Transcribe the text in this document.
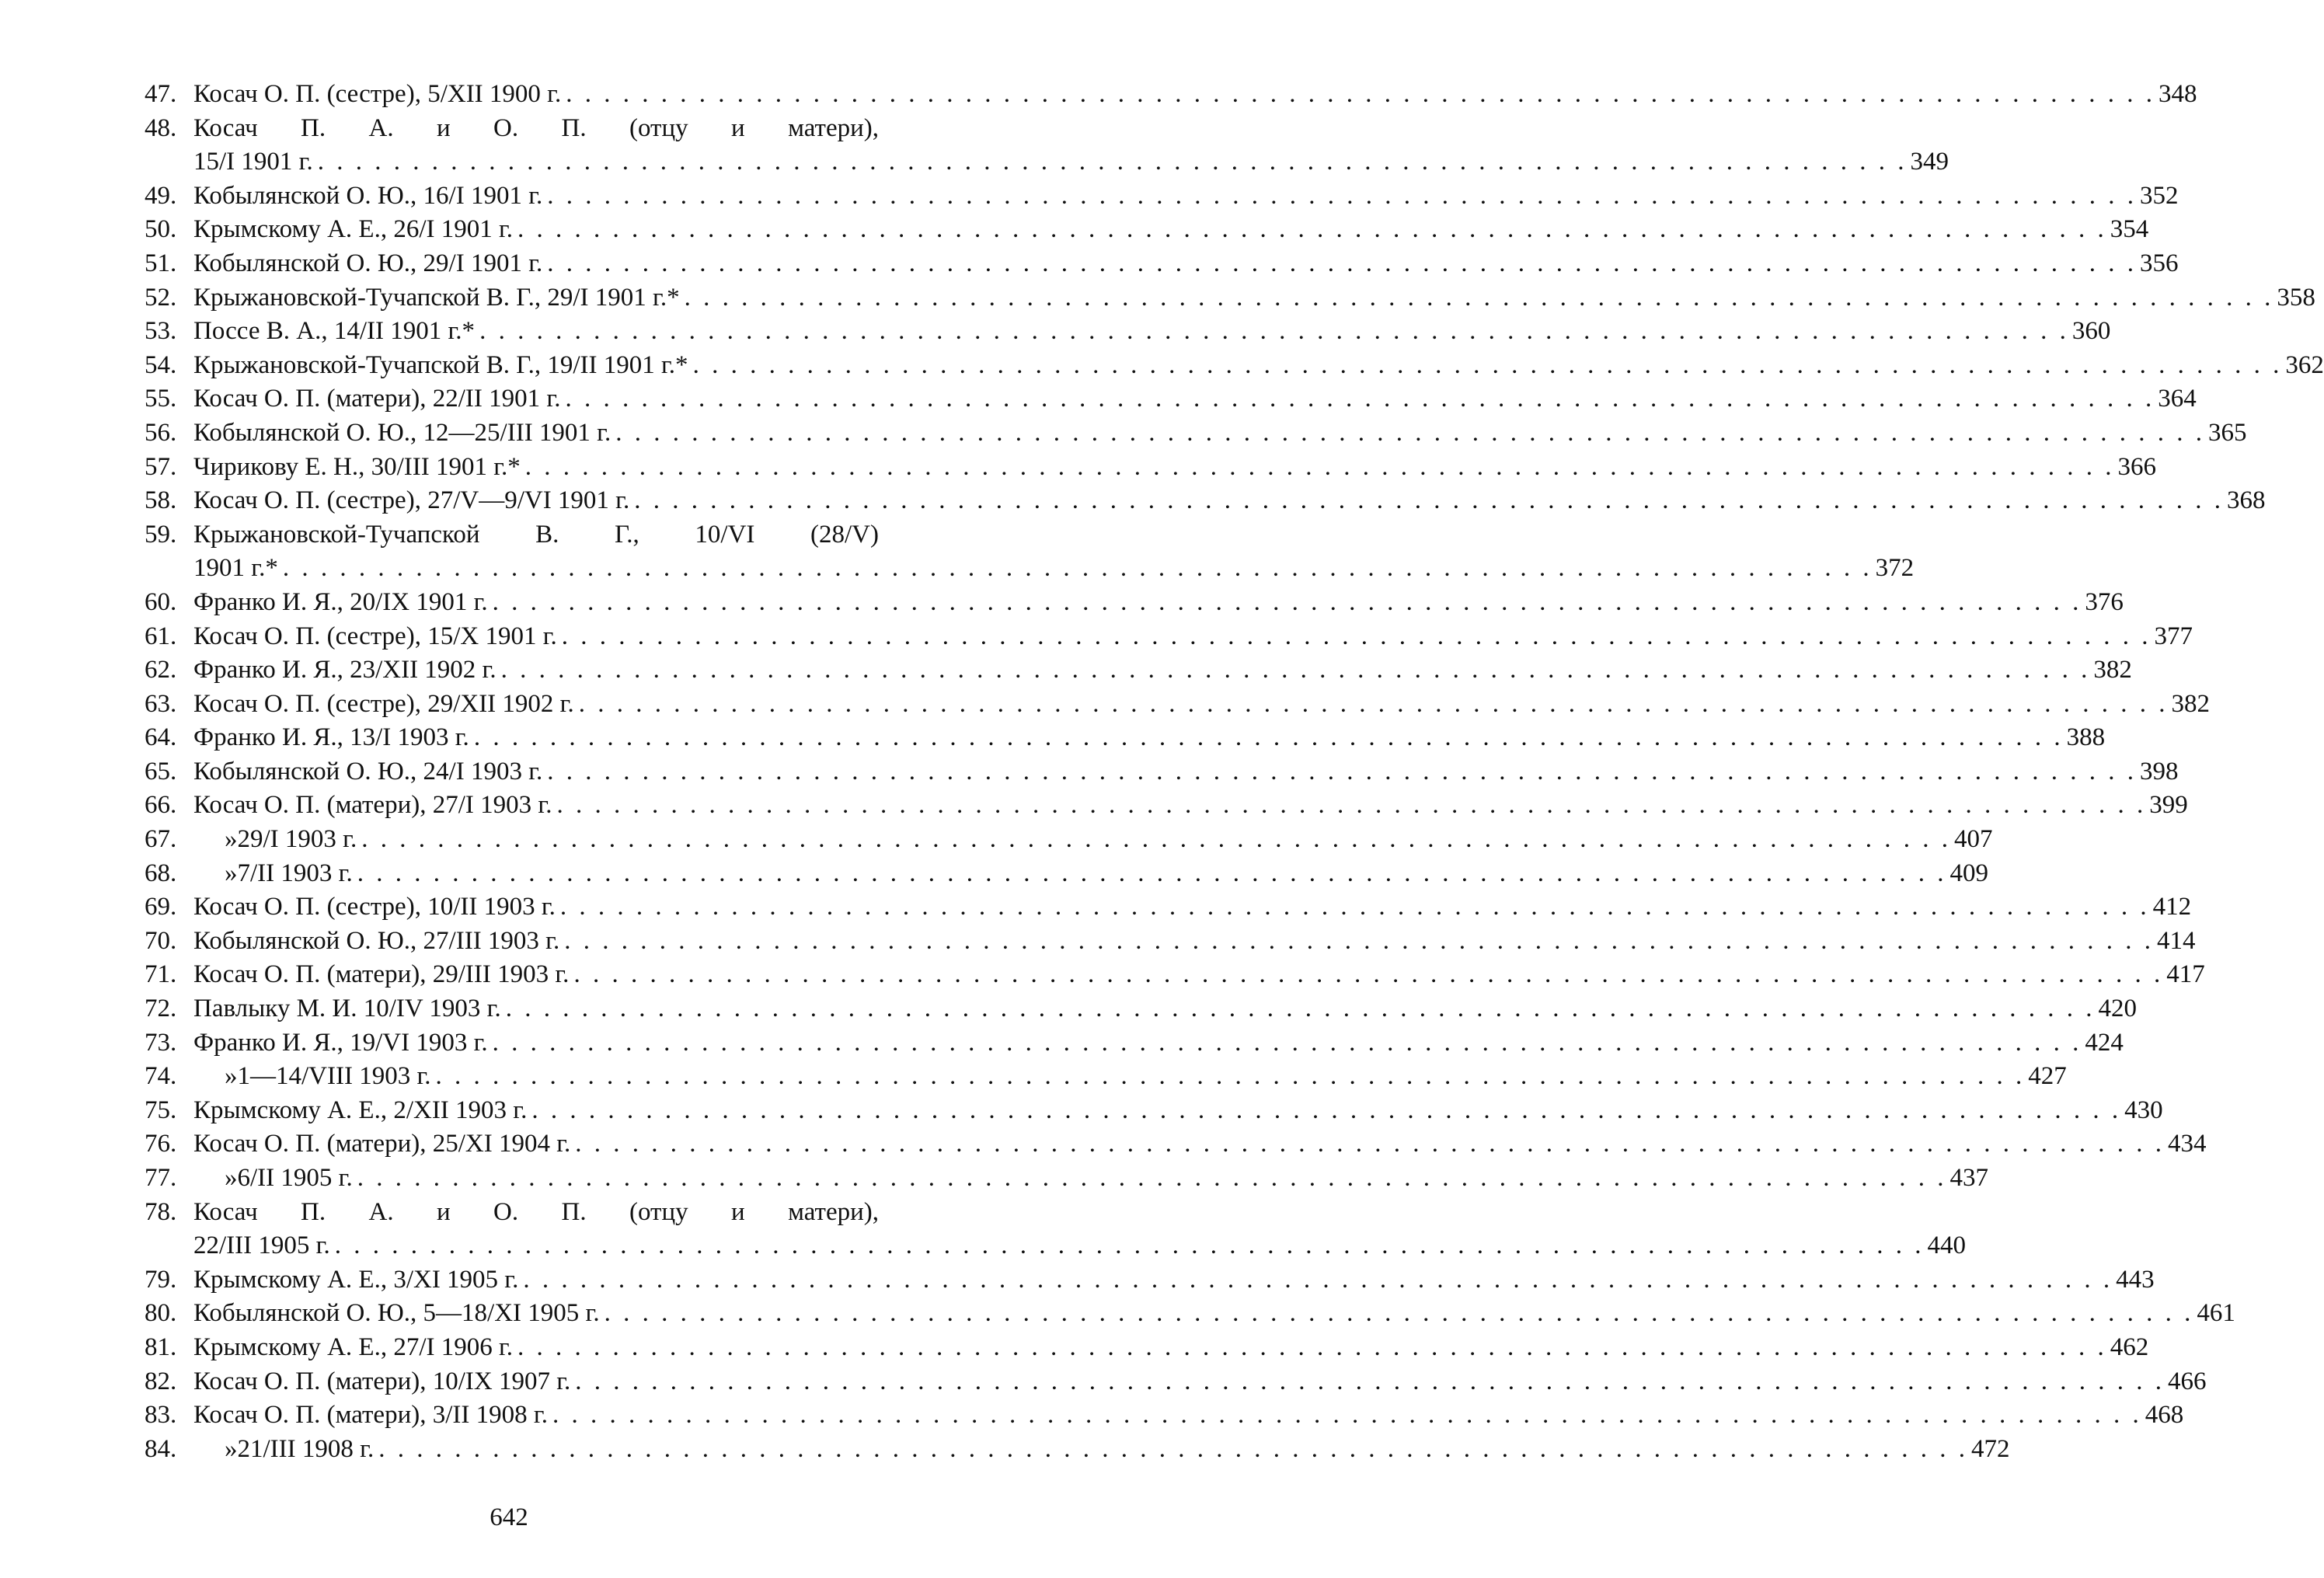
47. Косач О. П. (сестре), 5/XII 1900 г. . . .	348
48. Косач П. А. и О. П. (отцу и матери),
15/I 1901 г. . . .	349
49. Кобылянской О. Ю., 16/I 1901 г. . . .	352
50. Крымскому А. Е., 26/I 1901 г. . . .	354
51. Кобылянской О. Ю., 29/I 1901 г. . . .	356
52. Крыжановской-Тучапской В. Г., 29/I 1901 г.* . . .	358
53. Поссе В. А., 14/II 1901 г.* . . .	360
54. Крыжановской-Тучапской В. Г., 19/II 1901 г.* . . .	362
55. Косач О. П. (матери), 22/II 1901 г. . . .	364
56. Кобылянской О. Ю., 12—25/III 1901 г. . . .	365
57. Чирикову Е. Н., 30/III 1901 г.* . . .	366
58. Косач О. П. (сестре), 27/V—9/VI 1901 г. . . .	368
59. Крыжановской-Тучапской В. Г., 10/VI (28/V)
1901 г.* . . .	372
60. Франко И. Я., 20/IX 1901 г. . . .	376
61. Косач О. П. (сестре), 15/X 1901 г. . . .	377
62. Франко И. Я., 23/XII 1902 г. . . .	382
63. Косач О. П. (сестре), 29/XII 1902 г. . . .	382
64. Франко И. Я., 13/I 1903 г. . . .	388
65. Кобылянской О. Ю., 24/I 1903 г. . . .	398
66. Косач О. П. (матери), 27/I 1903 г. . . .	399
67.	» 29/I 1903 г. . . .	407
68.	» 7/II 1903 г. . . .	409
69. Косач О. П. (сестре), 10/II 1903 г. . . .	412
70. Кобылянской О. Ю., 27/III 1903 г. . . .	414
71. Косач О. П. (матери), 29/III 1903 г. . . .	417
72. Павлыку М. И. 10/IV 1903 г. . . .	420
73. Франко И. Я., 19/VI 1903 г. . . .	424
74.	» 1—14/VIII 1903 г. . . .	427
75. Крымскому А. Е., 2/XII 1903 г. . . .	430
76. Косач О. П. (матери), 25/XI 1904 г. . . .	434
77.	» 6/II 1905 г. . . .	437
78. Косач П. А. и О. П. (отцу и матери),
22/III 1905 г. . . .	440
79. Крымскому А. Е., 3/XI 1905 г. . . .	443
80. Кобылянской О. Ю., 5—18/XI 1905 г. . . .	461
81. Крымскому А. Е., 27/I 1906 г. . . .	462
82. Косач О. П. (матери), 10/IX 1907 г. . . .	466
83. Косач О. П. (матери), 3/II 1908 г. . . .	468
84.	» 21/III 1908 г. . . .	472
642
